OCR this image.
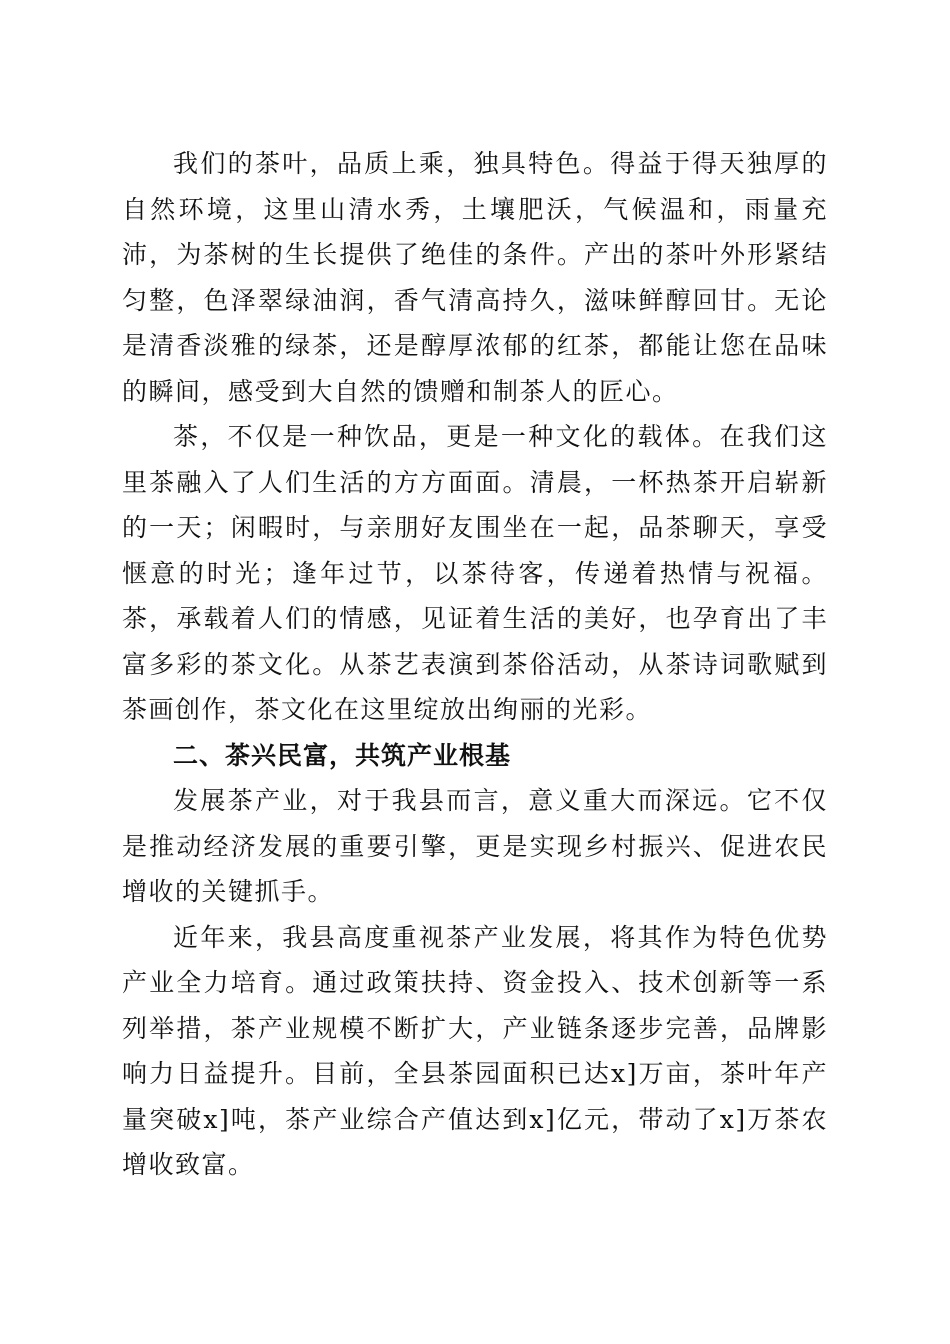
我们的茶叶，品质上乘，独具特色。得益于得天独厚的自然环境，这里山清水秀，土壤肥沃，气候温和，雨量充沛，为茶树的生长提供了绝佳的条件。产出的茶叶外形紧结匀整，色泽翠绿油润，香气清高持久，滋味鲜醇回甘。无论是清香淡雅的绿茶，还是醇厚浓郁的红茶，都能让您在品味的瞬间，感受到大自然的馈赠和制茶人的匠心。

茶，不仅是一种饮品，更是一种文化的载体。在我们这里茶融入了人们生活的方方面面。清晨，一杯热茶开启崭新的一天；闲暇时，与亲朋好友围坐在一起，品茶聊天，享受惬意的时光；逢年过节，以茶待客，传递着热情与祝福。茶，承载着人们的情感，见证着生活的美好，也孕育出了丰富多彩的茶文化。从茶艺表演到茶俗活动，从茶诗词歌赋到茶画创作，茶文化在这里绽放出绚丽的光彩。

二、茶兴民富，共筑产业根基

发展茶产业，对于我县而言，意义重大而深远。它不仅是推动经济发展的重要引擎，更是实现乡村振兴、促进农民增收的关键抓手。

近年来，我县高度重视茶产业发展，将其作为特色优势产业全力培育。通过政策扶持、资金投入、技术创新等一系列举措，茶产业规模不断扩大，产业链条逐步完善，品牌影响力日益提升。目前，全县茶园面积已达x]万亩，茶叶年产量突破x]吨，茶产业综合产值达到x]亿元，带动了x]万茶农增收致富。
